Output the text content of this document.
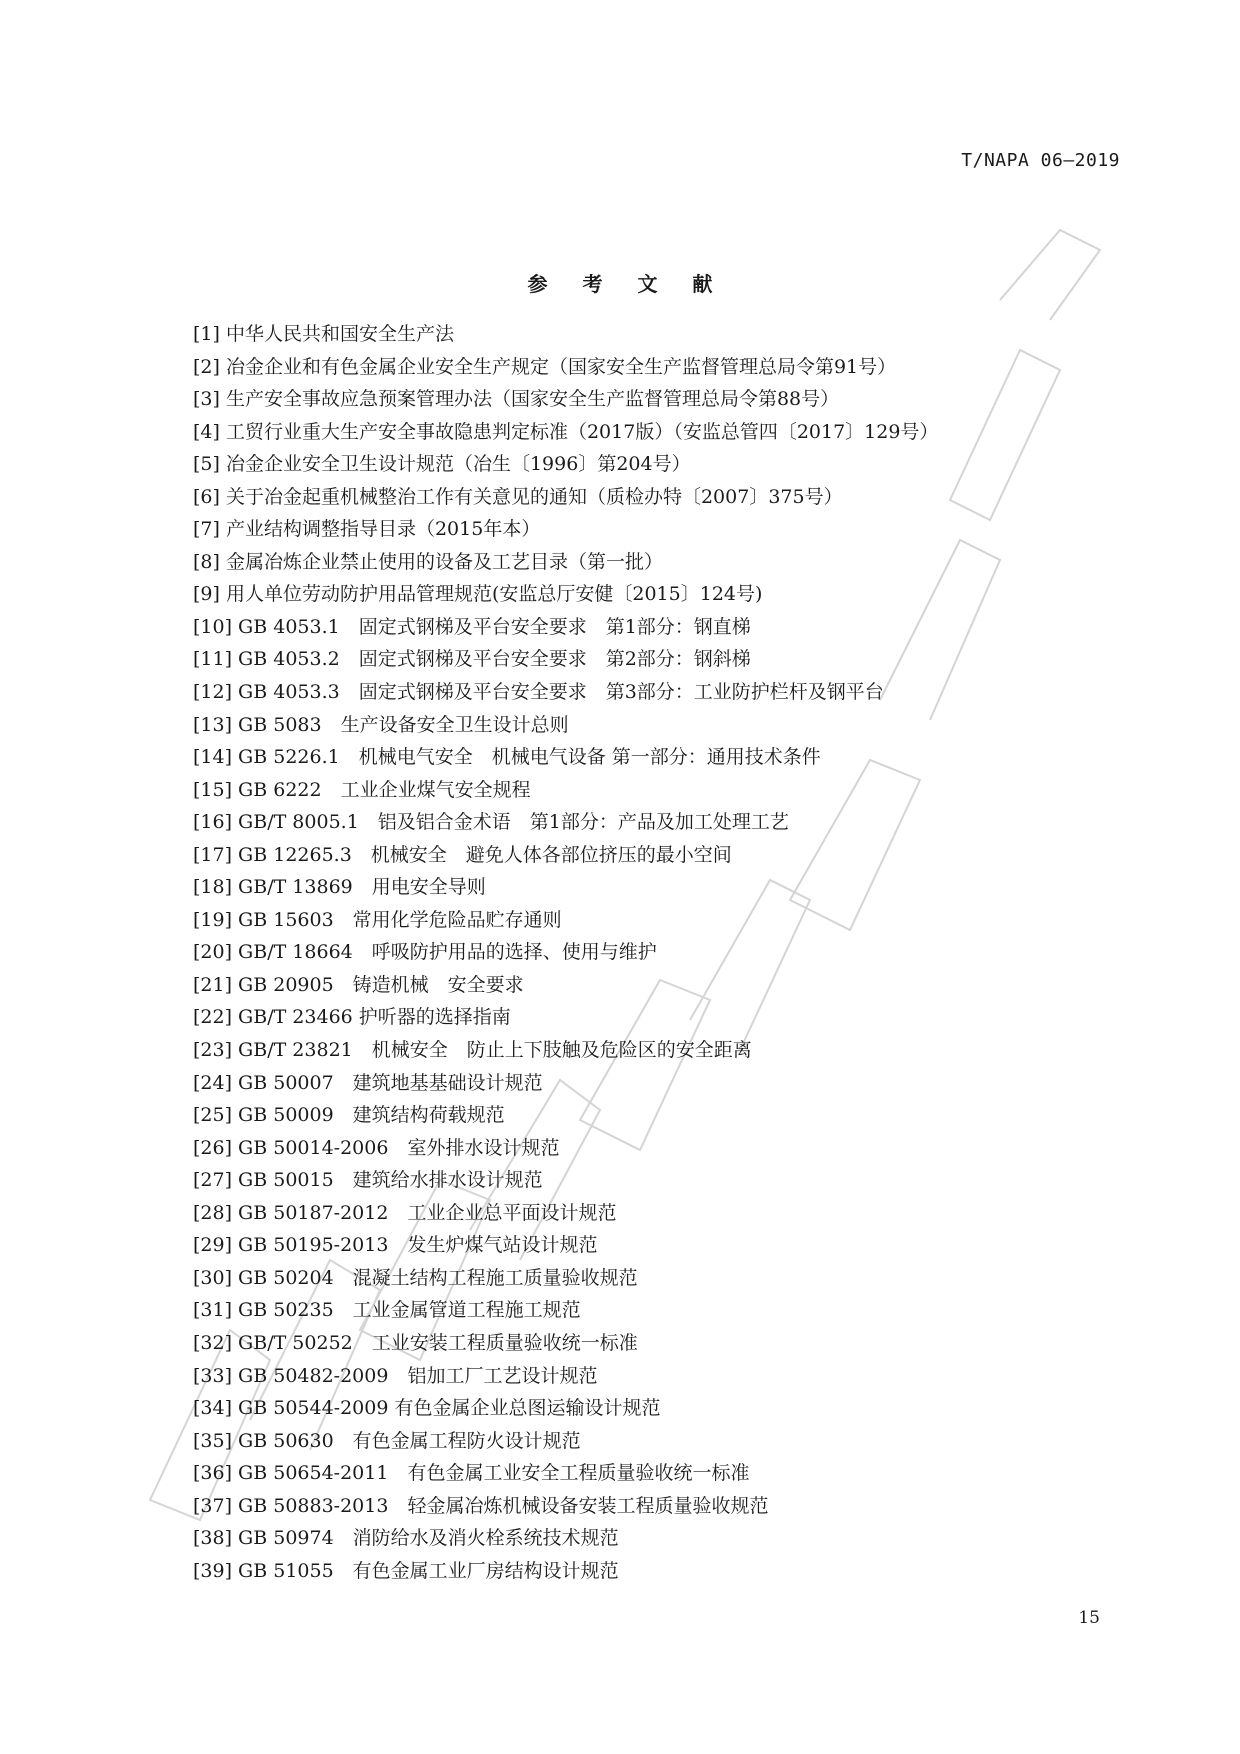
T/NAPA 06—2019
参 考 文 献
[1] 中华人民共和国安全生产法
[2] 冶金企业和有色金属企业安全生产规定（国家安全生产监督管理总局令第91号）
[3] 生产安全事故应急预案管理办法（国家安全生产监督管理总局令第88号）
[4] 工贸行业重大生产安全事故隐患判定标准（2017版）（安监总管四〔2017〕129号）
[5] 冶金企业安全卫生设计规范（冶生〔1996〕第204号）
[6] 关于冶金起重机械整治工作有关意见的通知（质检办特〔2007〕375号）
[7] 产业结构调整指导目录（2015年本）
[8] 金属冶炼企业禁止使用的设备及工艺目录（第一批）
[9] 用人单位劳动防护用品管理规范(安监总厅安健〔2015〕124号)
[10] GB 4053.1　固定式钢梯及平台安全要求　第1部分：钢直梯
[11] GB 4053.2　固定式钢梯及平台安全要求　第2部分：钢斜梯
[12] GB 4053.3　固定式钢梯及平台安全要求　第3部分：工业防护栏杆及钢平台
[13] GB 5083　生产设备安全卫生设计总则
[14] GB 5226.1　机械电气安全　机械电气设备 第一部分：通用技术条件
[15] GB 6222　工业企业煤气安全规程
[16] GB/T 8005.1　铝及铝合金术语　第1部分：产品及加工处理工艺
[17] GB 12265.3　机械安全　避免人体各部位挤压的最小空间
[18] GB/T 13869　用电安全导则
[19] GB 15603　常用化学危险品贮存通则
[20] GB/T 18664　呼吸防护用品的选择、使用与维护
[21] GB 20905　铸造机械　安全要求
[22] GB/T 23466 护听器的选择指南
[23] GB/T 23821　机械安全　防止上下肢触及危险区的安全距离
[24] GB 50007　建筑地基基础设计规范
[25] GB 50009　建筑结构荷载规范
[26] GB 50014-2006　室外排水设计规范
[27] GB 50015　建筑给水排水设计规范
[28] GB 50187-2012　工业企业总平面设计规范
[29] GB 50195-2013　发生炉煤气站设计规范
[30] GB 50204　混凝土结构工程施工质量验收规范
[31] GB 50235　工业金属管道工程施工规范
[32] GB/T 50252　工业安装工程质量验收统一标准
[33] GB 50482-2009　铝加工厂工艺设计规范
[34] GB 50544-2009 有色金属企业总图运输设计规范
[35] GB 50630　有色金属工程防火设计规范
[36] GB 50654-2011　有色金属工业安全工程质量验收统一标准
[37] GB 50883-2013　轻金属冶炼机械设备安装工程质量验收规范
[38] GB 50974　消防给水及消火栓系统技术规范
[39] GB 51055　有色金属工业厂房结构设计规范
15
